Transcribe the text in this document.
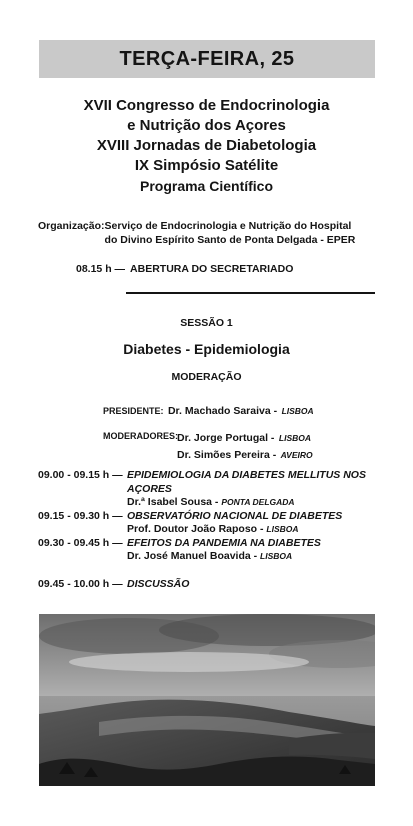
TERÇA-FEIRA, 25
XVII Congresso de Endocrinologia
e Nutrição dos Açores
XVIII Jornadas de Diabetologia
IX Simpósio Satélite
Programa Científico
Organização: Serviço de Endocrinologia e Nutrição do Hospital
do Divino Espírito Santo de Ponta Delgada - EPER
08.15 h — ABERTURA DO SECRETARIADO
SESSÃO 1
Diabetes - Epidemiologia
MODERAÇÃO
PRESIDENTE: Dr. Machado Saraiva - LISBOA
MODERADORES:
Dr. Jorge Portugal - LISBOA
Dr. Simões Pereira - AVEIRO
09.00 - 09.15 h — EPIDEMIOLOGIA DA DIABETES MELLITUS NOS AÇORES
Dr.ª Isabel Sousa - PONTA DELGADA
09.15 - 09.30 h — OBSERVATÓRIO NACIONAL DE DIABETES
Prof. Doutor João Raposo - LISBOA
09.30 - 09.45 h — EFEITOS DA PANDEMIA NA DIABETES
Dr. José Manuel Boavida - LISBOA
09.45 - 10.00 h — DISCUSSÃO
